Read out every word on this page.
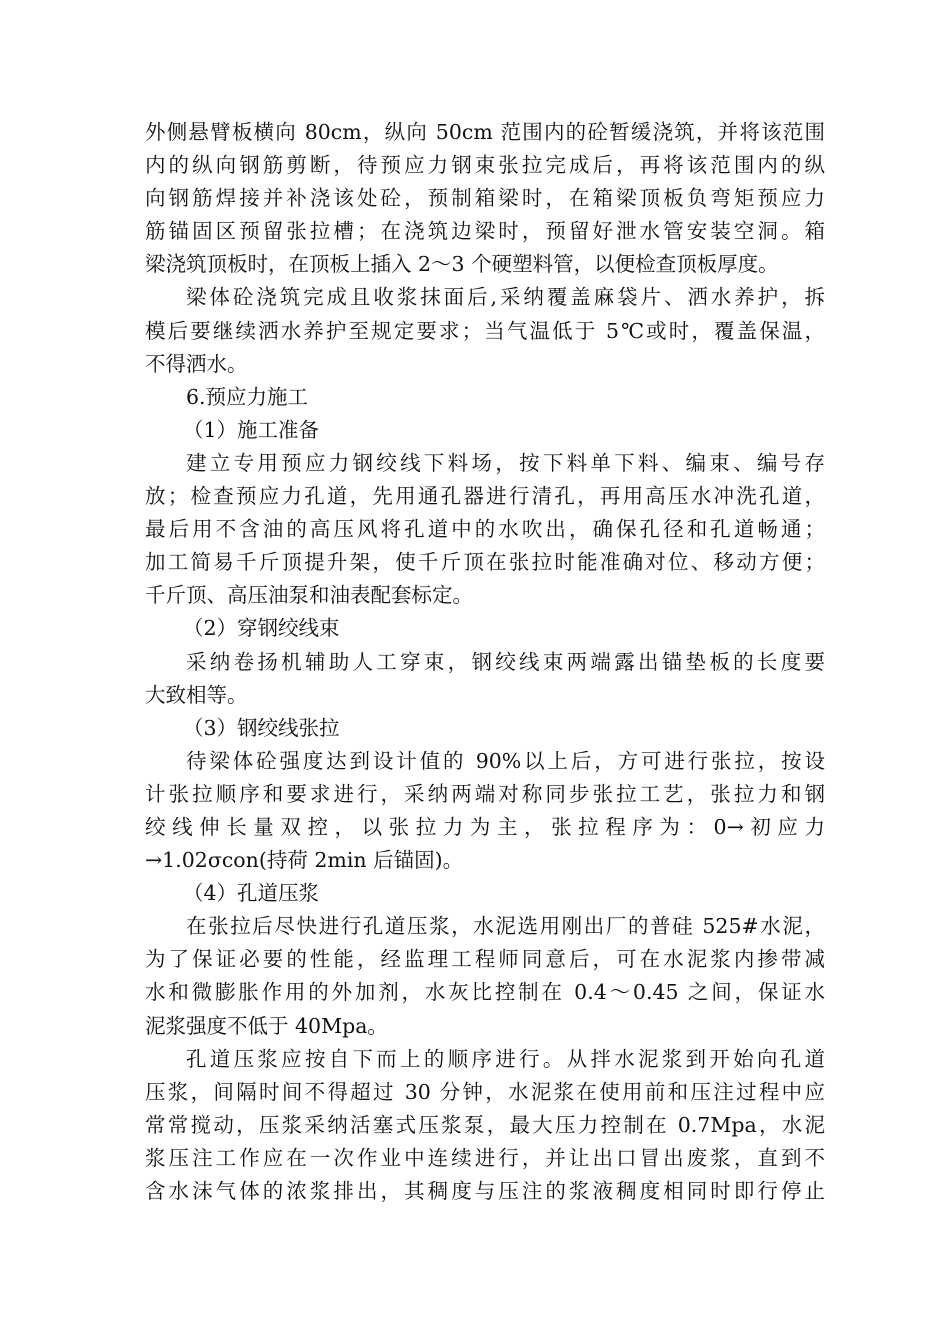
外侧悬臂板横向 80cm，纵向 50cm 范围内的砼暂缓浇筑，并将该范围
内的纵向钢筋剪断，待预应力钢束张拉完成后，再将该范围内的纵
向钢筋焊接并补浇该处砼，预制箱梁时，在箱梁顶板负弯矩预应力
筋锚固区预留张拉槽；在浇筑边梁时，预留好泄水管安装空洞。箱
梁浇筑顶板时，在顶板上插入 2～3 个硬塑料管，以便检查顶板厚度。
梁体砼浇筑完成且收浆抹面后,采纳覆盖麻袋片、洒水养护，拆
模后要继续洒水养护至规定要求；当气温低于 5℃或时，覆盖保温，
不得洒水。
6.预应力施工
（1）施工准备
建立专用预应力钢绞线下料场，按下料单下料、编束、编号存
放；检查预应力孔道，先用通孔器进行清孔，再用高压水冲洗孔道，
最后用不含油的高压风将孔道中的水吹出，确保孔径和孔道畅通；
加工简易千斤顶提升架，使千斤顶在张拉时能准确对位、移动方便；
千斤顶、高压油泵和油表配套标定。
（2）穿钢绞线束
采纳卷扬机辅助人工穿束，钢绞线束两端露出锚垫板的长度要
大致相等。
（3）钢绞线张拉
待梁体砼强度达到设计值的 90%以上后，方可进行张拉，按设
计张拉顺序和要求进行，采纳两端对称同步张拉工艺，张拉力和钢
绞线伸长量双控，以张拉力为主，张拉程序为：0→初应力
→1.02σcon(持荷 2min 后锚固)。
（4）孔道压浆
在张拉后尽快进行孔道压浆，水泥选用刚出厂的普硅 525#水泥，
为了保证必要的性能，经监理工程师同意后，可在水泥浆内掺带减
水和微膨胀作用的外加剂，水灰比控制在 0.4～0.45 之间，保证水
泥浆强度不低于 40Mpa。
孔道压浆应按自下而上的顺序进行。从拌水泥浆到开始向孔道
压浆，间隔时间不得超过 30 分钟，水泥浆在使用前和压注过程中应
常常搅动，压浆采纳活塞式压浆泵，最大压力控制在 0.7Mpa，水泥
浆压注工作应在一次作业中连续进行，并让出口冒出废浆，直到不
含水沫气体的浓浆排出，其稠度与压注的浆液稠度相同时即行停止
